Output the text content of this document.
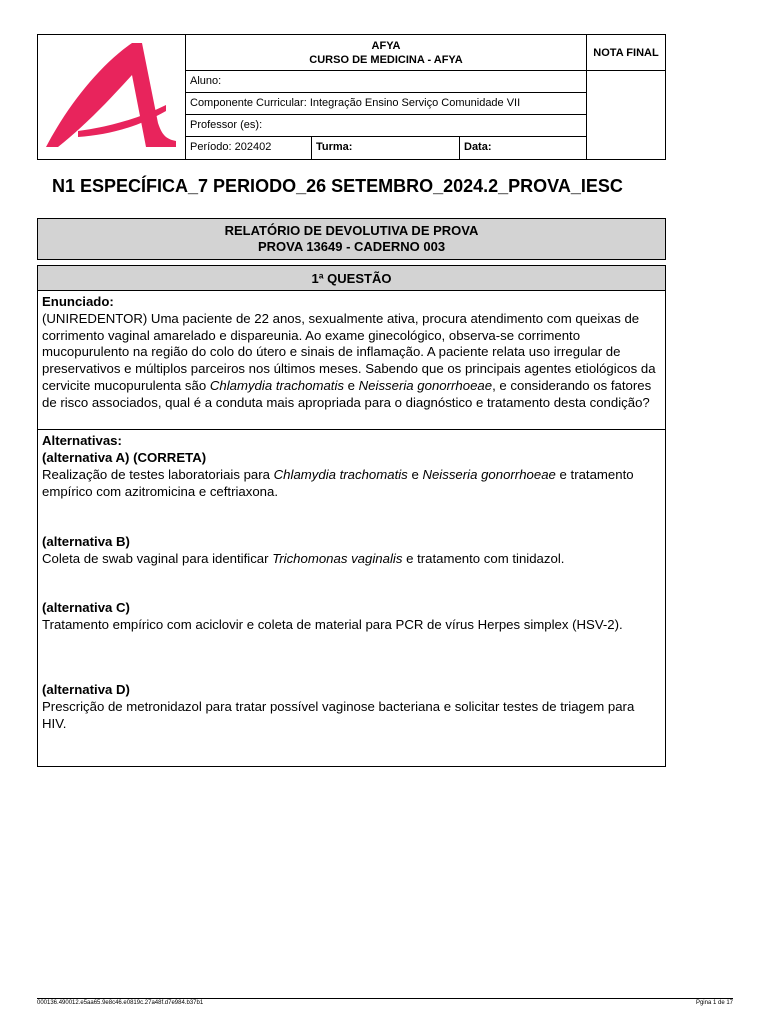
AFYA
CURSO DE MEDICINA - AFYA
NOTA FINAL
Aluno:
Componente Curricular: Integração Ensino Serviço Comunidade VII
Professor (es):
Período: 202402	Turma:	Data:
N1 ESPECÍFICA_7 PERIODO_26 SETEMBRO_2024.2_PROVA_IESC
RELATÓRIO DE DEVOLUTIVA DE PROVA
PROVA 13649 - CADERNO 003
1ª QUESTÃO
Enunciado:
(UNIREDENTOR) Uma paciente de 22 anos, sexualmente ativa, procura atendimento com queixas de corrimento vaginal amarelado e dispareunia. Ao exame ginecológico, observa-se corrimento mucopurulento na região do colo do útero e sinais de inflamação. A paciente relata uso irregular de preservativos e múltiplos parceiros nos últimos meses. Sabendo que os principais agentes etiológicos da cervicite mucopurulenta são Chlamydia trachomatis e Neisseria gonorrhoeae, e considerando os fatores de risco associados, qual é a conduta mais apropriada para o diagnóstico e tratamento desta condição?
Alternativas:
(alternativa A) (CORRETA)
Realização de testes laboratoriais para Chlamydia trachomatis e Neisseria gonorrhoeae e tratamento empírico com azitromicina e ceftriaxona.
(alternativa B)
Coleta de swab vaginal para identificar Trichomonas vaginalis e tratamento com tinidazol.
(alternativa C)
Tratamento empírico com aciclovir e coleta de material para PCR de vírus Herpes simplex (HSV-2).
(alternativa D)
Prescrição de metronidazol para tratar possível vaginose bacteriana e solicitar testes de triagem para HIV.
000136.490012.e5aa65.9e8c46.e0819c.27a48f.d7e984.b37b1	Pgina 1 de 17
